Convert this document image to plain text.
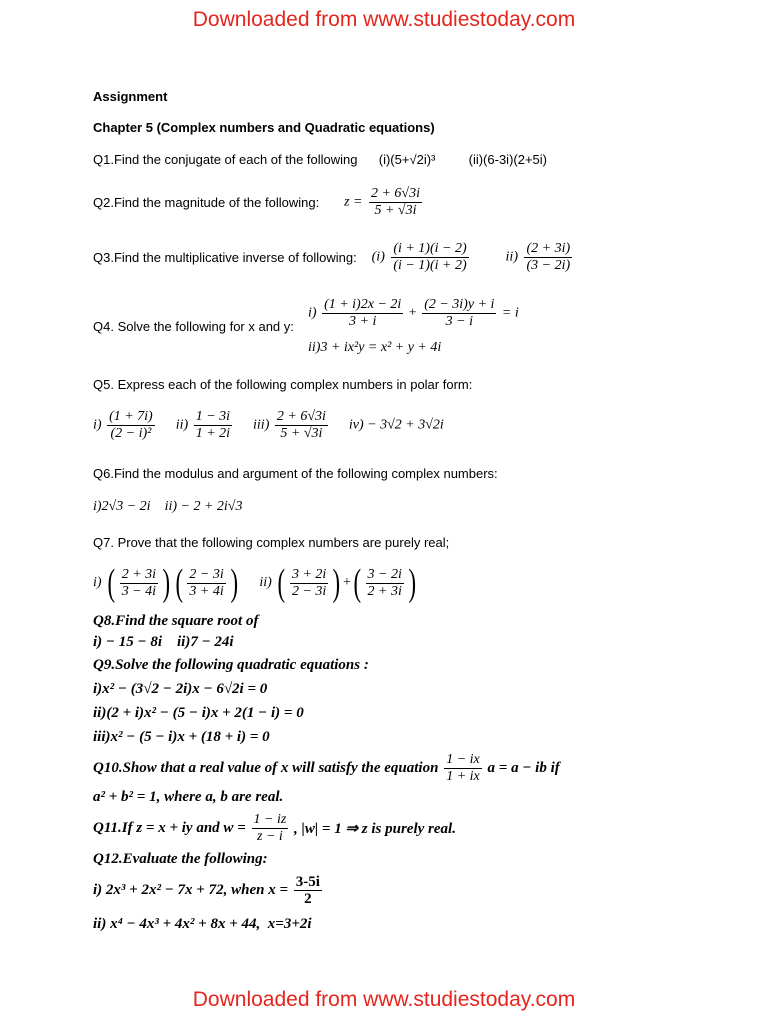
Downloaded from www.studiestoday.com
Assignment
Chapter 5 (Complex numbers and Quadratic equations)
Q1.Find the conjugate of each of the following (i)(5+√2i)³	(ii)(6-3i)(2+5i)
Q2.Find the magnitude of the following: $z = \frac{2 + 6√3i}{5 + √3i}$
Q3.Find the multiplicative inverse of following: $(i) \frac{(i + 1)(i - 2)}{(i - 1)(i + 2)}$	$ii) \frac{(2 + 3i)}{(3 - 2i)}$
Q4. Solve the following for x and y:
$i) \frac{(1 + i)2x - 2i}{3 + i} + \frac{(2 - 3i)y + i}{3 - i} = i$
ii)3 + ix²y = x² + y + 4i
Q5. Express each of the following complex numbers in polar form:
$i) \frac{(1 + 7i)}{\text{(2 − i)²}} ii) \frac{1 - 3i}{1 + 2i} iii) \frac{2 + 6√3i}{5 + √3i} iv) - 3√2 + 3√2i$
Q6.Find the modulus and argument of the following complex numbers:
i)2√3 − 2i    ii) − 2 + 2i√3
Q7. Prove that the following complex numbers are purely real;
i) ( $\frac{2 + 3i}{3 - 4i}$ ) ( $\frac{2 - 3i}{3 + 4i}$ ) ii) ( $\frac{3 + 2i}{2 - 3i}$ ) + ( $\frac{3 - 2i}{2 + 3i}$ )
Q8.Find the square root of
i) − 15 − 8i    ii)7 − 24i
Q9.Solve the following quadratic equations :
i)x² − (3√2 − 2i)x − 6√2i = 0
ii)(2 + i)x² − (5 − i)x + 2(1 − i) = 0
iii)x² − (5 − i)x + (18 + i) = 0
Q10.Show that a real value of x will satisfy the equation $\frac{1 - ix}{1 + ix}$ a = a − ib if
a² + b² = 1, where a, b are real.
Q11.If z = x + iy and $w = \frac{1 - iz}{z - i}$ , |w| = 1 ⇒ z is purely real.
Q12.Evaluate the following:
i) 2x³ + 2x² − 7x + 72, when $x = \frac{3-5i}{2}$
ii) x⁴ − 4x³ + 4x² + 8x + 44,  x=3+2i
Downloaded from www.studiestoday.com
